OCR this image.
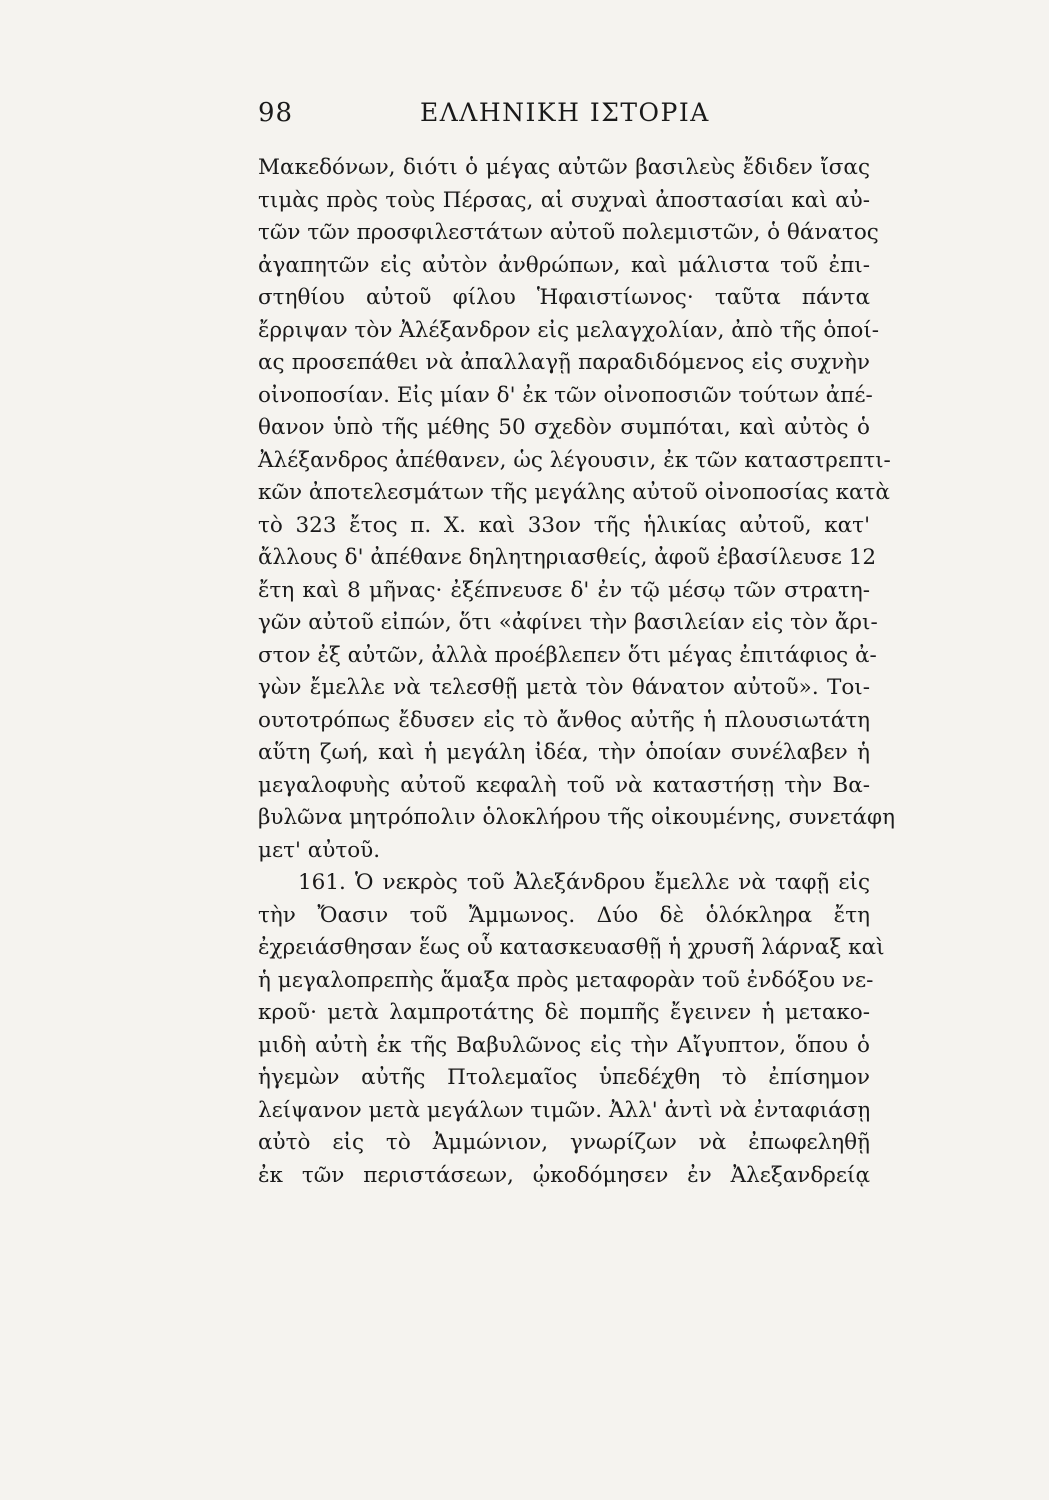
98	ΕΛΛΗΝΙΚΗ ΙΣΤΟΡΙΑ
Μακεδόνων, διότι ὁ μέγας αὐτῶν βασιλεὺς ἔδιδεν ἴσας
τιμὰς πρὸς τοὺς Πέρσας, αἱ συχναὶ ἀποστασίαι καὶ αὐ-
τῶν τῶν προσφιλεστάτων αὐτοῦ πολεμιστῶν, ὁ θάνατος
ἀγαπητῶν εἰς αὐτὸν ἀνθρώπων, καὶ μάλιστα τοῦ ἐπι-
στηθίου αὐτοῦ φίλου Ἡφαιστίωνος· ταῦτα πάντα
ἔρριψαν τὸν Ἀλέξανδρον εἰς μελαγχολίαν, ἀπὸ τῆς ὁποί-
ας προσεπάθει νὰ ἀπαλλαγῇ παραδιδόμενος εἰς συχνὴν
οἰνοποσίαν. Εἰς μίαν δ' ἐκ τῶν οἰνοποσιῶν τούτων ἀπέ-
θανον ὑπὸ τῆς μέθης 50 σχεδὸν συμπόται, καὶ αὐτὸς ὁ
Ἀλέξανδρος ἀπέθανεν, ὡς λέγουσιν, ἐκ τῶν καταστρεπτι-
κῶν ἀποτελεσμάτων τῆς μεγάλης αὐτοῦ οἰνοποσίας κατὰ
τὸ 323 ἔτος π. Χ. καὶ 33ον τῆς ἡλικίας αὐτοῦ, κατ'
ἄλλους δ' ἀπέθανε δηλητηριασθείς, ἀφοῦ ἐβασίλευσε 12
ἔτη καὶ 8 μῆνας· ἐξέπνευσε δ' ἐν τῷ μέσῳ τῶν στρατη-
γῶν αὐτοῦ εἰπών, ὅτι «ἀφίνει τὴν βασιλείαν εἰς τὸν ἄρι-
στον ἐξ αὐτῶν, ἀλλὰ προέβλεπεν ὅτι μέγας ἐπιτάφιος ἀ-
γὼν ἔμελλε νὰ τελεσθῇ μετὰ τὸν θάνατον αὐτοῦ». Τοι-
ουτοτρόπως ἔδυσεν εἰς τὸ ἄνθος αὐτῆς ἡ πλουσιωτάτη
αὕτη ζωή, καὶ ἡ μεγάλη ἰδέα, τὴν ὁποίαν συνέλαβεν ἡ
μεγαλοφυὴς αὐτοῦ κεφαλὴ τοῦ νὰ καταστήσῃ τὴν Βα-
βυλῶνα μητρόπολιν ὁλοκλήρου τῆς οἰκουμένης, συνετάφη
μετ' αὐτοῦ.
161. Ὁ νεκρὸς τοῦ Ἀλεξάνδρου ἔμελλε νὰ ταφῇ εἰς
τὴν Ὄασιν τοῦ Ἄμμωνος. Δύο δὲ ὁλόκληρα ἔτη
ἐχρειάσθησαν ἕως οὗ κατασκευασθῇ ἡ χρυσῆ λάρναξ καὶ
ἡ μεγαλοπρεπὴς ἅμαξα πρὸς μεταφορὰν τοῦ ἐνδόξου νε-
κροῦ· μετὰ λαμπροτάτης δὲ πομπῆς ἔγεινεν ἡ μετακο-
μιδὴ αὐτὴ ἐκ τῆς Βαβυλῶνος εἰς τὴν Αἴγυπτον, ὅπου ὁ
ἡγεμὼν αὐτῆς Πτολεμαῖος ὑπεδέχθη τὸ ἐπίσημον
λείψανον μετὰ μεγάλων τιμῶν. Ἀλλ' ἀντὶ νὰ ἐνταφιάσῃ
αὐτὸ εἰς τὸ Ἀμμώνιον, γνωρίζων νὰ ἐπωφεληθῇ
ἐκ τῶν περιστάσεων, ᾠκοδόμησεν ἐν Ἀλεξανδρείᾳ
